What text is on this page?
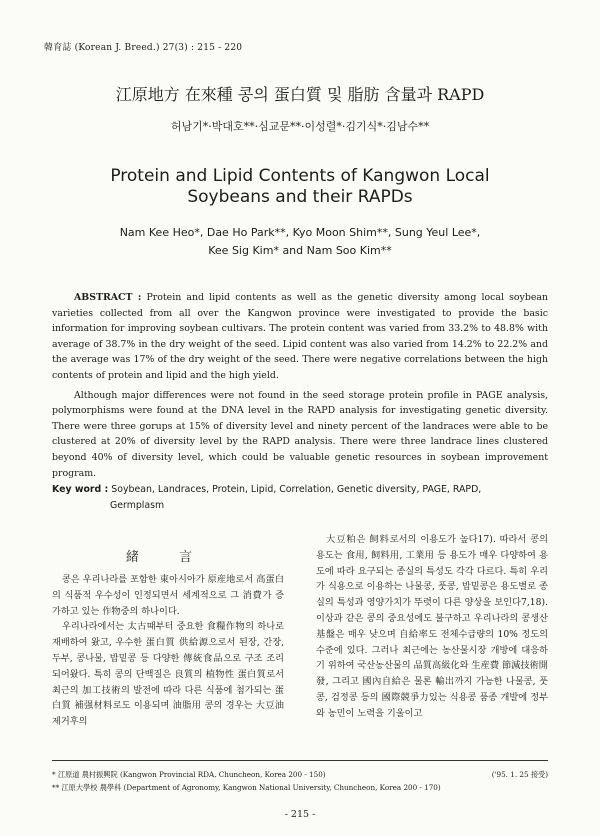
韓育誌 (Korean J. Breed.) 27(3) : 215 - 220
江原地方 在來種 콩의 蛋白質 및 脂肪 含量과 RAPD
허남기*·박대호**·심교문**·이성렬*·김기식*·김남수**
Protein and Lipid Contents of Kangwon Local
Soybeans and their RAPDs
Nam Kee Heo*, Dae Ho Park**, Kyo Moon Shim**, Sung Yeul Lee*,
Kee Sig Kim* and Nam Soo Kim**

ABSTRACT : Protein and lipid contents as well as the genetic diversity among local soybean varieties collected from all over the Kangwon province were investigated to provide the basic information for improving soybean cultivars. The protein content was varied from 33.2% to 48.8% with average of 38.7% in the dry weight of the seed. Lipid content was also varied from 14.2% to 22.2% and the average was 17% of the dry weight of the seed. There were negative correlations between the high contents of protein and lipid and the high yield.

Although major differences were not found in the seed storage protein profile in PAGE analysis, polymorphisms were found at the DNA level in the RAPD analysis for investigating genetic diversity. There were three gorups at 15% of diversity level and ninety percent of the landraces were able to be clustered at 20% of diversity level by the RAPD analysis. There were three landrace lines clustered beyond 40% of diversity level, which could be valuable genetic resources in soybean improvement program.

Key word : Soybean, Landraces, Protein, Lipid, Correlation, Genetic diversity, PAGE, RAPD,
Germplasm
緒 言

콩은 우리나라를 포함한 東아시아가 原産地로서 高蛋白의 식품적 우수성이 인정되면서 세계적으로 그 消費가 증가하고 있는 作物중의 하나이다.

우리나라에서는 太古때부터 중요한 食糧作物의 하나로 재배하여 왔고, 우수한 蛋白質 供給源으로서 된장, 간장, 두부, 콩나물, 밥밑콩 등 다양한 傳統食品으로 구조 조리 되어왔다. 특히 콩의 단백질은 良質의 植物性 蛋白質로서 최근의 加工技術의 발전에 따라 다른 식품에 첨가되는 蛋白質 補强材料로도 이용되며 油脂用 콩의 경우는 大豆油 제거후의

大豆粕은 飼料로서의 이용도가 높다17). 따라서 콩의 용도는 食用, 飼料用, 工業用 등 용도가 매우 다양하여 용도에 따라 요구되는 종실의 특성도 각각 다르다. 특히 우리가 식용으로 이용하는 나물콩, 풋콩, 밥밑콩은 용도별로 종실의 특성과 영양가치가 뚜렷이 다른 양상을 보인다7,18). 이상과 같은 콩의 중요성에도 불구하고 우리나라의 콩생산 基盤은 매우 낮으며 自給率도 전체수급량의 10% 정도의 수준에 있다. 그러나 최근에는 농산물시장 개방에 대응하기 위하여 국산농산물의 品質高級化와 生産費 節減技術開發, 그리고 國內自給은 물론 輸出까지 가능한 나물콩, 풋콩, 검정콩 등의 國際競爭力있는 식용콩 품종 개발에 정부와 농민이 노력을 기울이고

* 江原道 農村振興院 (Kangwon Provincial RDA, Chuncheon, Korea 200 - 150)	('95. 1. 25 接受)
** 江原大學校 農學科 (Department of Agronomy, Kangwon National University, Chuncheon, Korea 200 - 170)
- 215 -
